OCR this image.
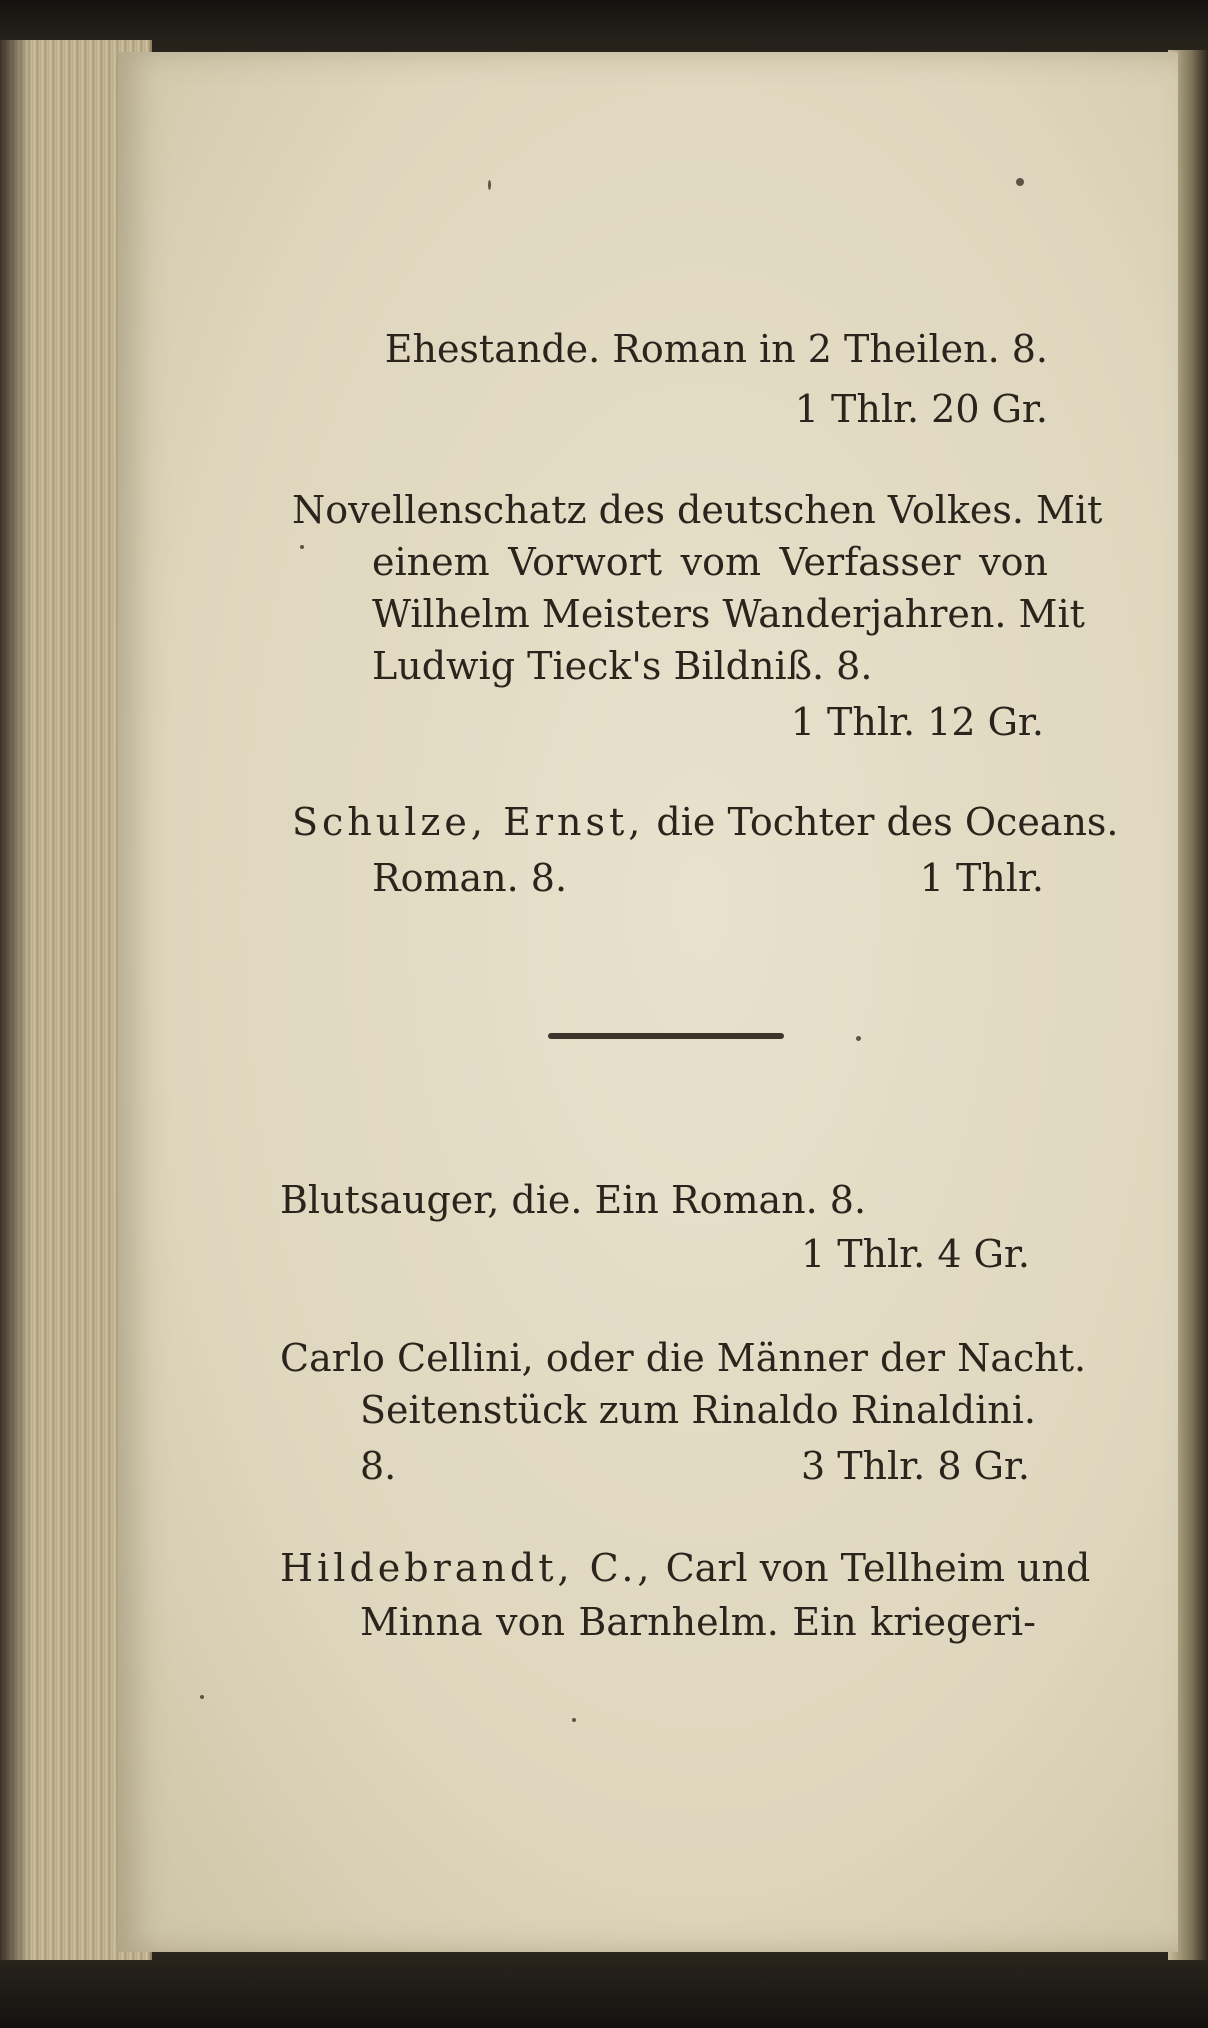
Ehestande. Roman in 2 Theilen. 8.
1 Thlr. 20 Gr.
Novellenschatz des deutschen Volkes. Mit
einem Vorwort vom Verfasser von
Wilhelm Meisters Wanderjahren. Mit
Ludwig Tieck's Bildniß. 8.
1 Thlr. 12 Gr.
Schulze, Ernst, die Tochter des Oceans.
Roman. 8.	1 Thlr.
Blutsauger, die. Ein Roman. 8.
1 Thlr. 4 Gr.
Carlo Cellini, oder die Männer der Nacht.
Seitenstück zum Rinaldo Rinaldini.
8.	3 Thlr. 8 Gr.
Hildebrandt, C., Carl von Tellheim und
Minna von Barnhelm. Ein kriegeri-
